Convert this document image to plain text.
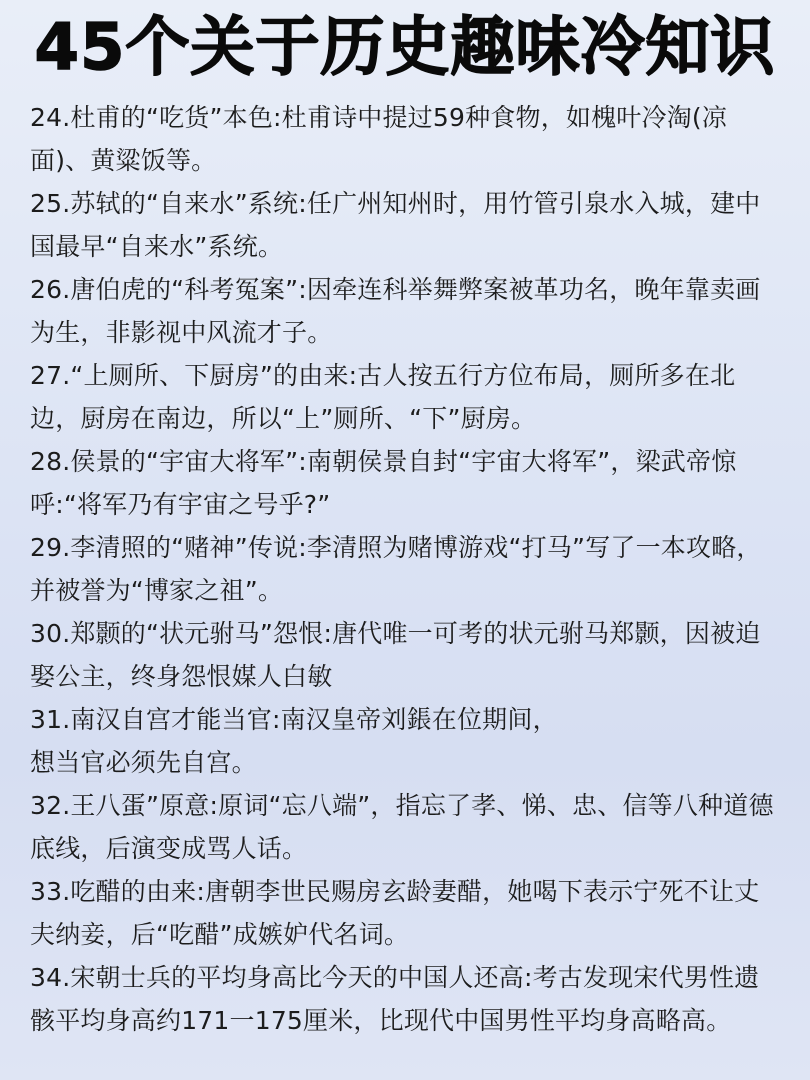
45个关于历史趣味冷知识

24.杜甫的“吃货”本色:杜甫诗中提过59种食物，如槐叶冷淘(凉面)、黄粱饭等。

25.苏轼的“自来水”系统:任广州知州时，用竹管引泉水入城，建中国最早“自来水”系统。

26.唐伯虎的“科考冤案”:因牵连科举舞弊案被革功名，晚年靠卖画为生，非影视中风流才子。

27.“上厕所、下厨房”的由来:古人按五行方位布局，厕所多在北边，厨房在南边，所以“上”厕所、“下”厨房。

28.侯景的“宇宙大将军”:南朝侯景自封“宇宙大将军”，梁武帝惊呼:“将军乃有宇宙之号乎?”

29.李清照的“赌神”传说:李清照为赌博游戏“打马”写了一本攻略，并被誉为“博家之祖”。

30.郑颢的“状元驸马”怨恨:唐代唯一可考的状元驸马郑颢，因被迫娶公主，终身怨恨媒人白敏

31.南汉自宫才能当官:南汉皇帝刘鋹在位期间，
想当官必须先自宫。

32.王八蛋”原意:原词“忘八端”，指忘了孝、悌、忠、信等八种道德底线，后演变成骂人话。

33.吃醋的由来:唐朝李世民赐房玄龄妻醋，她喝下表示宁死不让丈夫纳妾，后“吃醋”成嫉妒代名词。

34.宋朝士兵的平均身高比今天的中国人还高:考古发现宋代男性遗骸平均身高约171一175厘米，比现代中国男性平均身高略高。
